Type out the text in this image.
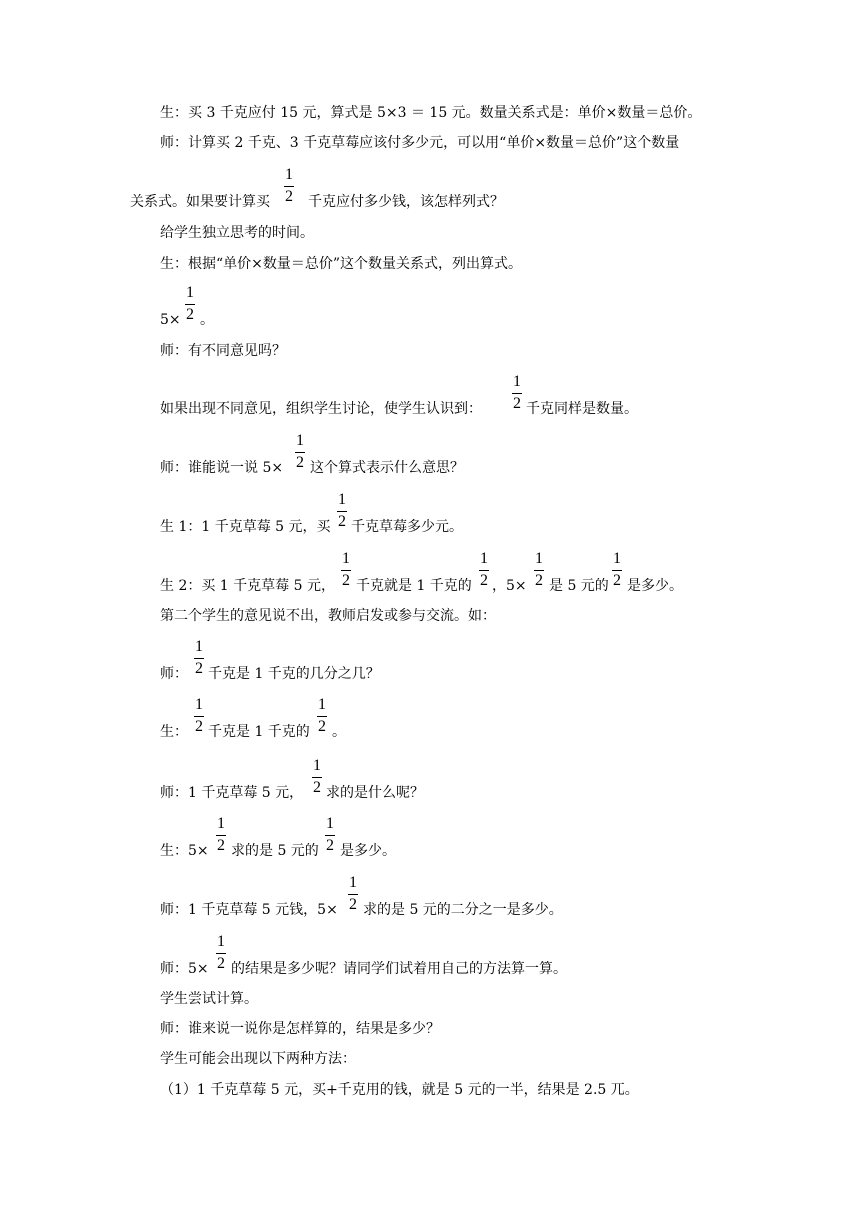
生：买 3 千克应付 15 元，算式是 5×3 ＝ 15 元。数量关系式是：单价×数量＝总价。
师：计算买 2 千克、3 千克草莓应该付多少元，可以用“单价×数量＝总价”这个数量
关系式。如果要计算买
1
2 千克应付多少钱，该怎样列式？
给学生独立思考的时间。
生：根据“单价×数量＝总价”这个数量关系式，列出算式。
5×
1
2 。
师：有不同意见吗？
如果出现不同意见，组织学生讨论，使学生认识到：
1
2 千克同样是数量。
师：谁能说一说 5×
1
2 这个算式表示什么意思？
生 1：1 千克草莓 5 元，买
1
2 千克草莓多少元。
生 2：买 1 千克草莓 5 元，
1
2 千克就是 1 千克的
1
2 ，5×
1
2 是 5 元的
1
2 是多少。
第二个学生的意见说不出，教师启发或参与交流。如：
师：
1
2 千克是 1 千克的几分之几？
生：
1
2 千克是 1 千克的
1
2 。
师：1 千克草莓 5 元，
1
2 求的是什么呢？
生：5×
1
2 求的是 5 元的
1
2 是多少。
师：1 千克草莓 5 元钱，5×
1
2 求的是 5 元的二分之一是多少。
师：5×
1
2 的结果是多少呢？请同学们试着用自己的方法算一算。
学生尝试计算。
师：谁来说一说你是怎样算的，结果是多少？
学生可能会出现以下两种方法：
（1）1 千克草莓 5 元，买+千克用的钱，就是 5 元的一半，结果是 2.5 兀。
